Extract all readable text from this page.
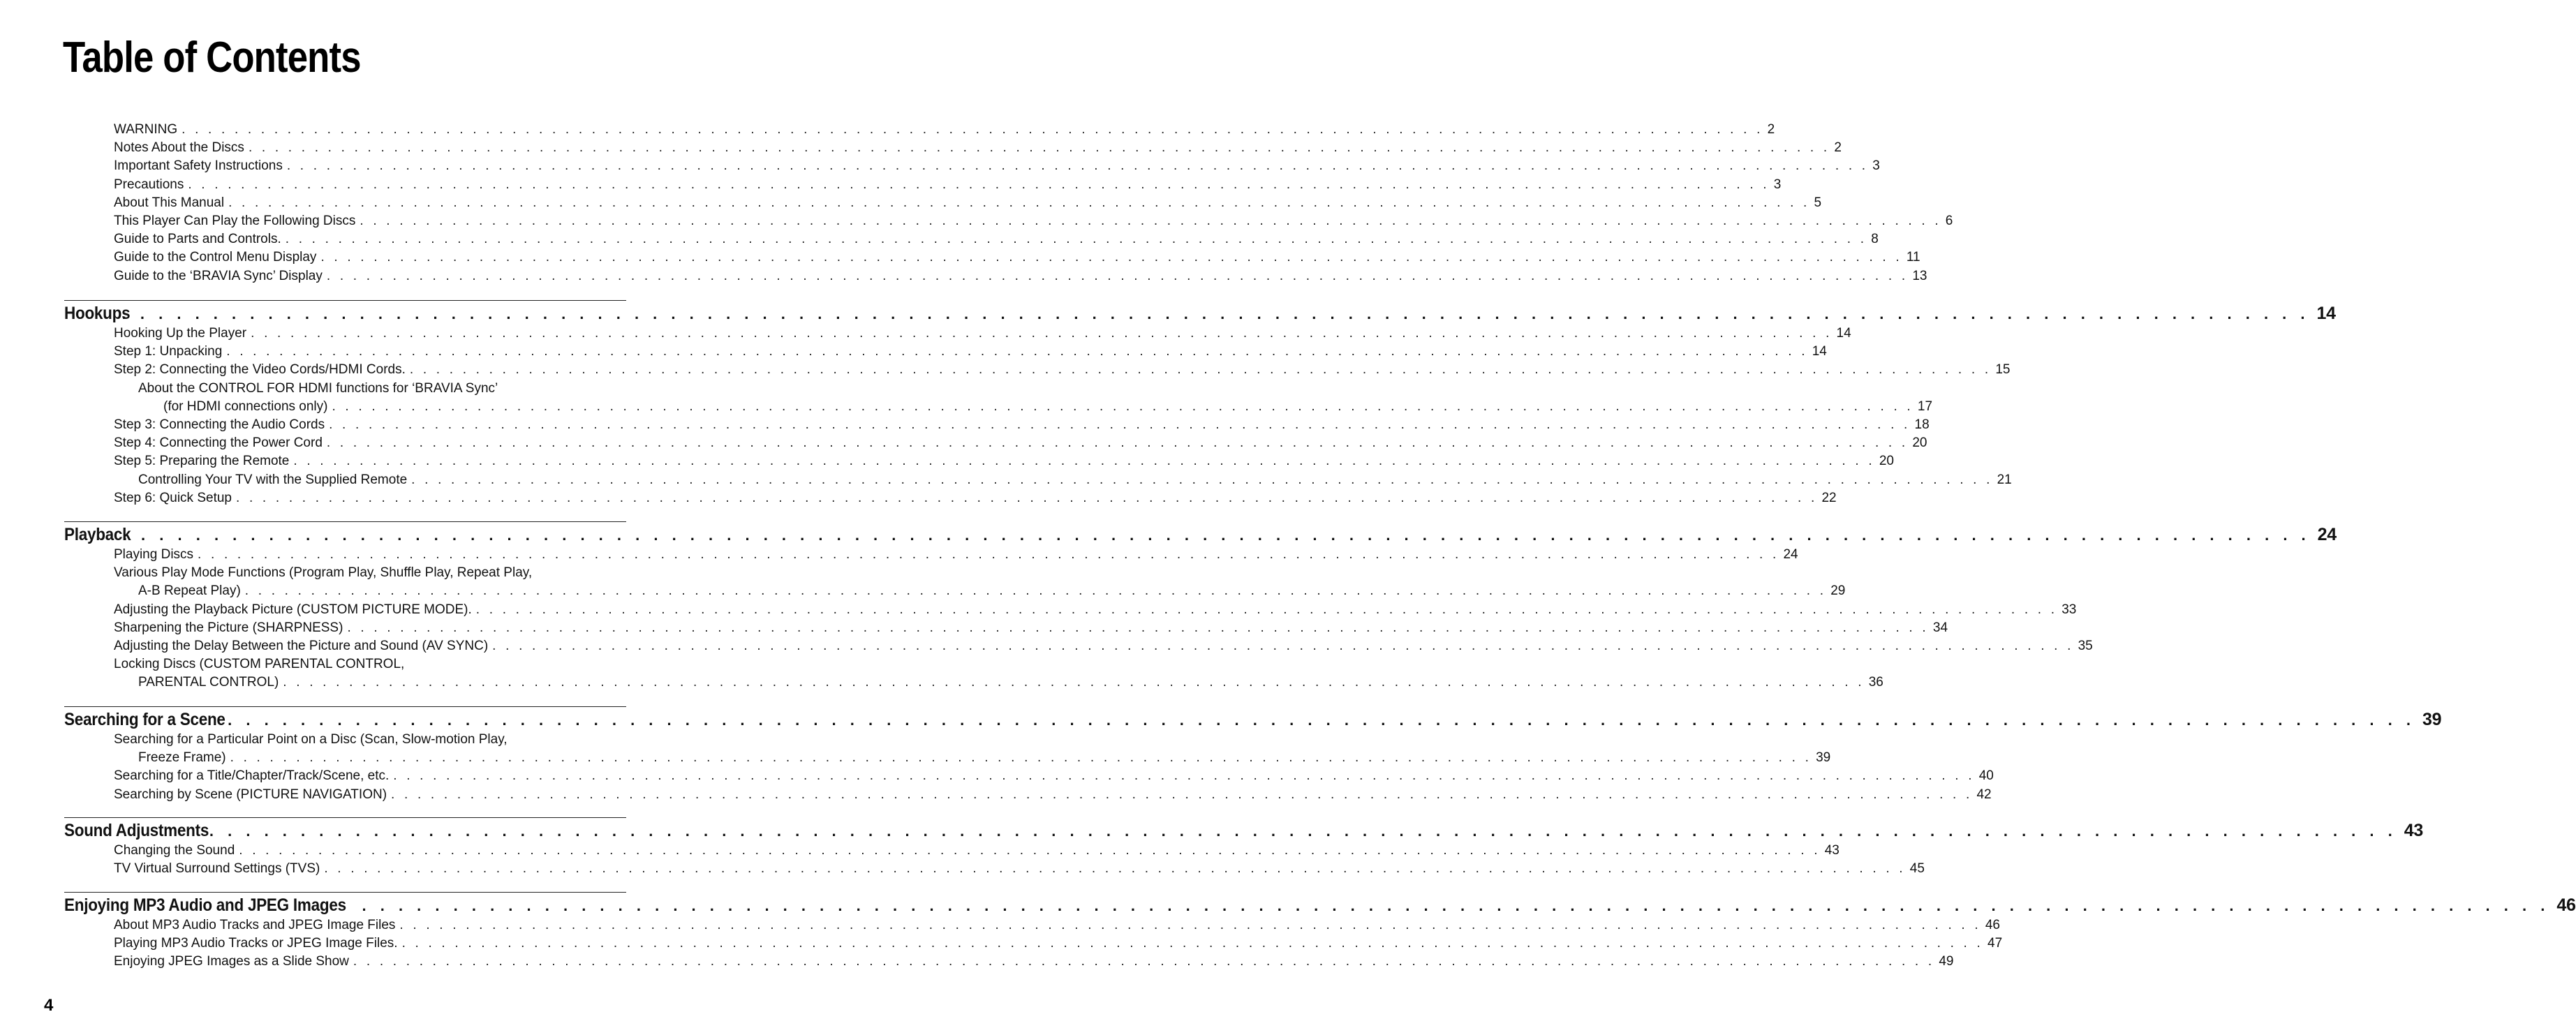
Table of Contents
WARNING . . . . . . . . . . . . . . . . . . . . . . . . . . . . . . . . . . . . . . . . . . . . . . . . . . . . . . . . . . . . . . . . . . . . . . . . . . . . . . . . . . . . . . . . . . . . . . . . . . . . . . . . . . . . . . . . . . . . . . . . 2
Notes About the Discs . . . . . . . . . . . . . . . . . . . . . . . . . . . . . . . . . . . . . . . . . . . . . . . . . . . . . . . . . . . . . . . . . . . . . . . . . . . . . . . . . . . . . . . . . . . . . . . . . . . . . . . . . . . . . . . . . . . . . . . . 2
Important Safety Instructions . . . . . . . . . . . . . . . . . . . . . . . . . . . . . . . . . . . . . . . . . . . . . . . . . . . . . . . . . . . . . . . . . . . . . . . . . . . . . . . . . . . . . . . . . . . . . . . . . . . . . . . . . . . . . . . . . . . . . . . . 3
Precautions . . . . . . . . . . . . . . . . . . . . . . . . . . . . . . . . . . . . . . . . . . . . . . . . . . . . . . . . . . . . . . . . . . . . . . . . . . . . . . . . . . . . . . . . . . . . . . . . . . . . . . . . . . . . . . . . . . . . . . . . 3
About This Manual . . . . . . . . . . . . . . . . . . . . . . . . . . . . . . . . . . . . . . . . . . . . . . . . . . . . . . . . . . . . . . . . . . . . . . . . . . . . . . . . . . . . . . . . . . . . . . . . . . . . . . . . . . . . . . . . . . . . . . . . 5
This Player Can Play the Following Discs . . . . . . . . . . . . . . . . . . . . . . . . . . . . . . . . . . . . . . . . . . . . . . . . . . . . . . . . . . . . . . . . . . . . . . . . . . . . . . . . . . . . . . . . . . . . . . . . . . . . . . . . . . . . . . . . . . . . . . . . 6
Guide to Parts and Controls. . . . . . . . . . . . . . . . . . . . . . . . . . . . . . . . . . . . . . . . . . . . . . . . . . . . . . . . . . . . . . . . . . . . . . . . . . . . . . . . . . . . . . . . . . . . . . . . . . . . . . . . . . . . . . . . . . . . . . . . . 8
Guide to the Control Menu Display . . . . . . . . . . . . . . . . . . . . . . . . . . . . . . . . . . . . . . . . . . . . . . . . . . . . . . . . . . . . . . . . . . . . . . . . . . . . . . . . . . . . . . . . . . . . . . . . . . . . . . . . . . . . . . . . . . . . . . . . 11
Guide to the ‘BRAVIA Sync’ Display . . . . . . . . . . . . . . . . . . . . . . . . . . . . . . . . . . . . . . . . . . . . . . . . . . . . . . . . . . . . . . . . . . . . . . . . . . . . . . . . . . . . . . . . . . . . . . . . . . . . . . . . . . . . . . . . . . . . . . . . 13
Hookups
. . . . . . . . . . . . . . . . . . . . . . . . . . . . . . . . . . . . . . . . . . . . . . . . . . . . . . . . . . . . . . . . . . . . . . . . . . . . . . . . . . . . . . . . . . . . . . . . . . . . . . . . . . . . . . . . . . . . . . . . 14
Hooking Up the Player . . . . . . . . . . . . . . . . . . . . . . . . . . . . . . . . . . . . . . . . . . . . . . . . . . . . . . . . . . . . . . . . . . . . . . . . . . . . . . . . . . . . . . . . . . . . . . . . . . . . . . . . . . . . . . . . . . . . . . . . 14
Step 1: Unpacking . . . . . . . . . . . . . . . . . . . . . . . . . . . . . . . . . . . . . . . . . . . . . . . . . . . . . . . . . . . . . . . . . . . . . . . . . . . . . . . . . . . . . . . . . . . . . . . . . . . . . . . . . . . . . . . . . . . . . . . . 14
Step 2: Connecting the Video Cords/HDMI Cords. . . . . . . . . . . . . . . . . . . . . . . . . . . . . . . . . . . . . . . . . . . . . . . . . . . . . . . . . . . . . . . . . . . . . . . . . . . . . . . . . . . . . . . . . . . . . . . . . . . . . . . . . . . . . . . . . . . . . . . . . 15
About the CONTROL FOR HDMI functions for ‘BRAVIA Sync’
(for HDMI connections only) . . . . . . . . . . . . . . . . . . . . . . . . . . . . . . . . . . . . . . . . . . . . . . . . . . . . . . . . . . . . . . . . . . . . . . . . . . . . . . . . . . . . . . . . . . . . . . . . . . . . . . . . . . . . . . . . . . . . . . . . 17
Step 3: Connecting the Audio Cords . . . . . . . . . . . . . . . . . . . . . . . . . . . . . . . . . . . . . . . . . . . . . . . . . . . . . . . . . . . . . . . . . . . . . . . . . . . . . . . . . . . . . . . . . . . . . . . . . . . . . . . . . . . . . . . . . . . . . . . . 18
Step 4: Connecting the Power Cord . . . . . . . . . . . . . . . . . . . . . . . . . . . . . . . . . . . . . . . . . . . . . . . . . . . . . . . . . . . . . . . . . . . . . . . . . . . . . . . . . . . . . . . . . . . . . . . . . . . . . . . . . . . . . . . . . . . . . . . . 20
Step 5: Preparing the Remote . . . . . . . . . . . . . . . . . . . . . . . . . . . . . . . . . . . . . . . . . . . . . . . . . . . . . . . . . . . . . . . . . . . . . . . . . . . . . . . . . . . . . . . . . . . . . . . . . . . . . . . . . . . . . . . . . . . . . . . . 20
Controlling Your TV with the Supplied Remote . . . . . . . . . . . . . . . . . . . . . . . . . . . . . . . . . . . . . . . . . . . . . . . . . . . . . . . . . . . . . . . . . . . . . . . . . . . . . . . . . . . . . . . . . . . . . . . . . . . . . . . . . . . . . . . . . . . . . . . . 21
Step 6: Quick Setup . . . . . . . . . . . . . . . . . . . . . . . . . . . . . . . . . . . . . . . . . . . . . . . . . . . . . . . . . . . . . . . . . . . . . . . . . . . . . . . . . . . . . . . . . . . . . . . . . . . . . . . . . . . . . . . . . . . . . . . . 22
Playback
. . . . . . . . . . . . . . . . . . . . . . . . . . . . . . . . . . . . . . . . . . . . . . . . . . . . . . . . . . . . . . . . . . . . . . . . . . . . . . . . . . . . . . . . . . . . . . . . . . . . . . . . . . . . . . . . . . . . . . . . 24
Playing Discs . . . . . . . . . . . . . . . . . . . . . . . . . . . . . . . . . . . . . . . . . . . . . . . . . . . . . . . . . . . . . . . . . . . . . . . . . . . . . . . . . . . . . . . . . . . . . . . . . . . . . . . . . . . . . . . . . . . . . . . . 24
Various Play Mode Functions (Program Play, Shuffle Play, Repeat Play,
A-B Repeat Play) . . . . . . . . . . . . . . . . . . . . . . . . . . . . . . . . . . . . . . . . . . . . . . . . . . . . . . . . . . . . . . . . . . . . . . . . . . . . . . . . . . . . . . . . . . . . . . . . . . . . . . . . . . . . . . . . . . . . . . . . 29
Adjusting the Playback Picture (CUSTOM PICTURE MODE). . . . . . . . . . . . . . . . . . . . . . . . . . . . . . . . . . . . . . . . . . . . . . . . . . . . . . . . . . . . . . . . . . . . . . . . . . . . . . . . . . . . . . . . . . . . . . . . . . . . . . . . . . . . . . . . . . . . . . . . . 33
Sharpening the Picture (SHARPNESS) . . . . . . . . . . . . . . . . . . . . . . . . . . . . . . . . . . . . . . . . . . . . . . . . . . . . . . . . . . . . . . . . . . . . . . . . . . . . . . . . . . . . . . . . . . . . . . . . . . . . . . . . . . . . . . . . . . . . . . . . 34
Adjusting the Delay Between the Picture and Sound (AV SYNC) . . . . . . . . . . . . . . . . . . . . . . . . . . . . . . . . . . . . . . . . . . . . . . . . . . . . . . . . . . . . . . . . . . . . . . . . . . . . . . . . . . . . . . . . . . . . . . . . . . . . . . . . . . . . . . . . . . . . . . . . 35
Locking Discs (CUSTOM PARENTAL CONTROL,
PARENTAL CONTROL) . . . . . . . . . . . . . . . . . . . . . . . . . . . . . . . . . . . . . . . . . . . . . . . . . . . . . . . . . . . . . . . . . . . . . . . . . . . . . . . . . . . . . . . . . . . . . . . . . . . . . . . . . . . . . . . . . . . . . . . . 36
Searching for a Scene . . . . . . . . . . . . . . . . . . . . . . . . . . . . . . . . . . . . . . . . . . . . . . . . . . . . . . . . . . . . . . . . . . . . . . . . . . . . . . . . . . . . . . . . . . . . . . . . . . . . . . . . . . . . . . . . . . . . . . . . 39
Searching for a Particular Point on a Disc (Scan, Slow-motion Play,
Freeze Frame) . . . . . . . . . . . . . . . . . . . . . . . . . . . . . . . . . . . . . . . . . . . . . . . . . . . . . . . . . . . . . . . . . . . . . . . . . . . . . . . . . . . . . . . . . . . . . . . . . . . . . . . . . . . . . . . . . . . . . . . . 39
Searching for a Title/Chapter/Track/Scene, etc. . . . . . . . . . . . . . . . . . . . . . . . . . . . . . . . . . . . . . . . . . . . . . . . . . . . . . . . . . . . . . . . . . . . . . . . . . . . . . . . . . . . . . . . . . . . . . . . . . . . . . . . . . . . . . . . . . . . . . . . . 40
Searching by Scene (PICTURE NAVIGATION) . . . . . . . . . . . . . . . . . . . . . . . . . . . . . . . . . . . . . . . . . . . . . . . . . . . . . . . . . . . . . . . . . . . . . . . . . . . . . . . . . . . . . . . . . . . . . . . . . . . . . . . . . . . . . . . . . . . . . . . . 42
Sound Adjustments . . . . . . . . . . . . . . . . . . . . . . . . . . . . . . . . . . . . . . . . . . . . . . . . . . . . . . . . . . . . . . . . . . . . . . . . . . . . . . . . . . . . . . . . . . . . . . . . . . . . . . . . . . . . . . . . . . . . . . . . 43
Changing the Sound . . . . . . . . . . . . . . . . . . . . . . . . . . . . . . . . . . . . . . . . . . . . . . . . . . . . . . . . . . . . . . . . . . . . . . . . . . . . . . . . . . . . . . . . . . . . . . . . . . . . . . . . . . . . . . . . . . . . . . . . 43
TV Virtual Surround Settings (TVS) . . . . . . . . . . . . . . . . . . . . . . . . . . . . . . . . . . . . . . . . . . . . . . . . . . . . . . . . . . . . . . . . . . . . . . . . . . . . . . . . . . . . . . . . . . . . . . . . . . . . . . . . . . . . . . . . . . . . . . . . 45
Enjoying MP3 Audio and JPEG Images . . . . . . . . . . . . . . . . . . . . . . . . . . . . . . . . . . . . . . . . . . . . . . . . . . . . . . . . . . . . . . . . . . . . . . . . . . . . . . . . . . . . . . . . . . . . . . . . . . . . . . . . . . . . . . . . . . . . . . . . 46
About MP3 Audio Tracks and JPEG Image Files . . . . . . . . . . . . . . . . . . . . . . . . . . . . . . . . . . . . . . . . . . . . . . . . . . . . . . . . . . . . . . . . . . . . . . . . . . . . . . . . . . . . . . . . . . . . . . . . . . . . . . . . . . . . . . . . . . . . . . . . 46
Playing MP3 Audio Tracks or JPEG Image Files. . . . . . . . . . . . . . . . . . . . . . . . . . . . . . . . . . . . . . . . . . . . . . . . . . . . . . . . . . . . . . . . . . . . . . . . . . . . . . . . . . . . . . . . . . . . . . . . . . . . . . . . . . . . . . . . . . . . . . . . . 47
Enjoying JPEG Images as a Slide Show . . . . . . . . . . . . . . . . . . . . . . . . . . . . . . . . . . . . . . . . . . . . . . . . . . . . . . . . . . . . . . . . . . . . . . . . . . . . . . . . . . . . . . . . . . . . . . . . . . . . . . . . . . . . . . . . . . . . . . . . 49
4
